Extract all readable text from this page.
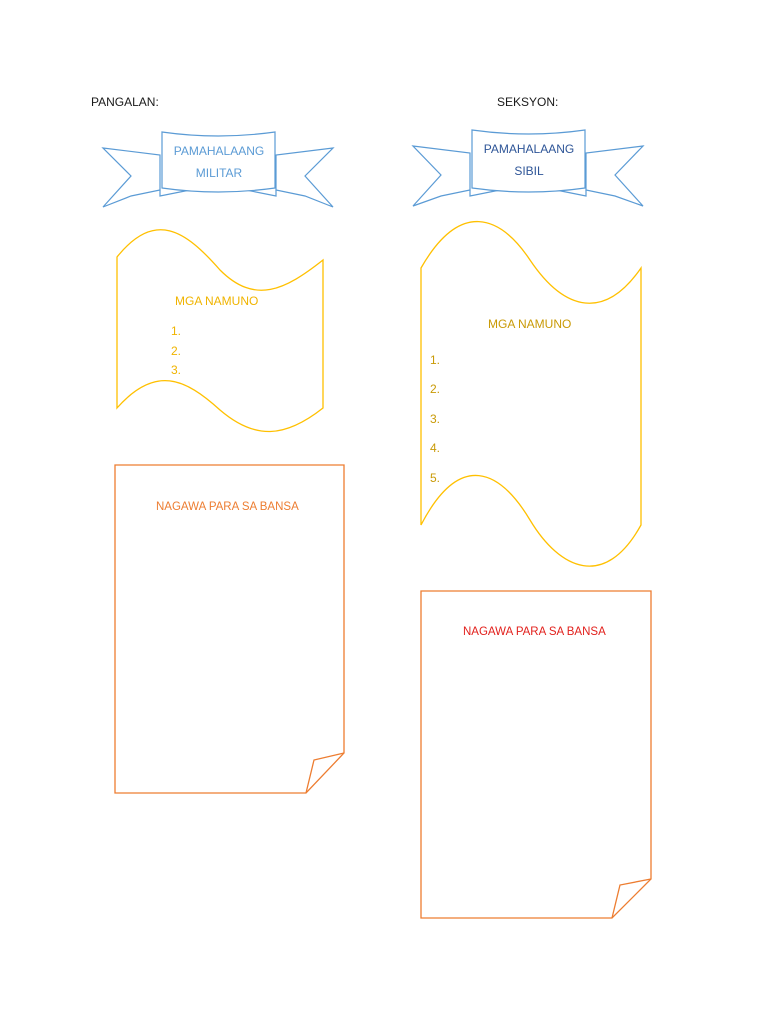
PANGALAN:	SEKSYON:
PAMAHALAANG
MILITAR
PAMAHALAANG
SIBIL
MGA NAMUNO
1.
2.
3.
MGA NAMUNO
1.
2.
3.
4.
5.
NAGAWA PARA SA BANSA
NAGAWA PARA SA BANSA
